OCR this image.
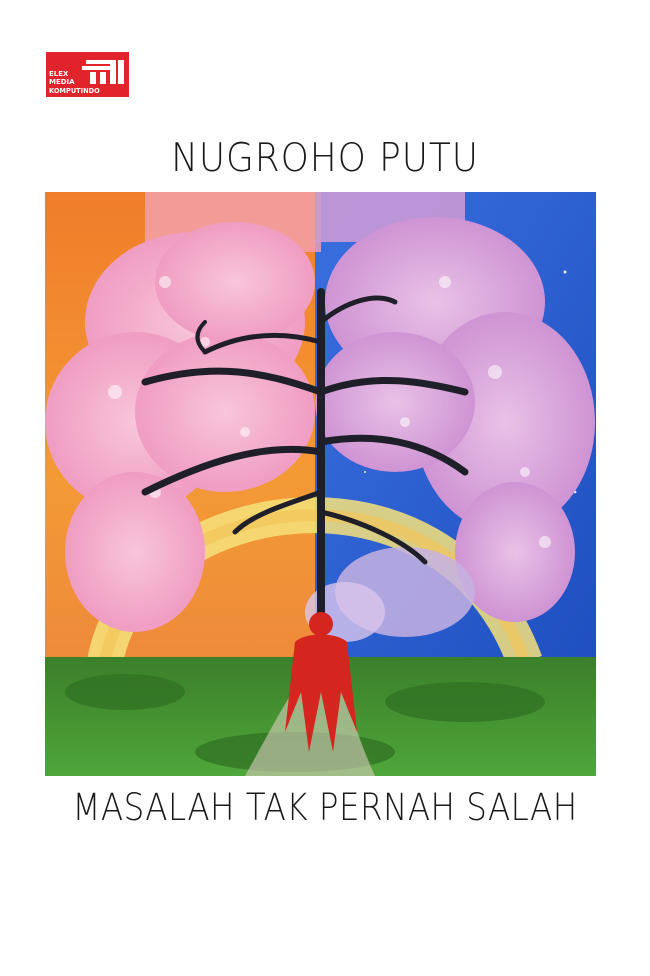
ELEX
MEDIA
KOMPUTINDO
NUGROHO PUTU
MASALAH TAK PERNAH SALAH
